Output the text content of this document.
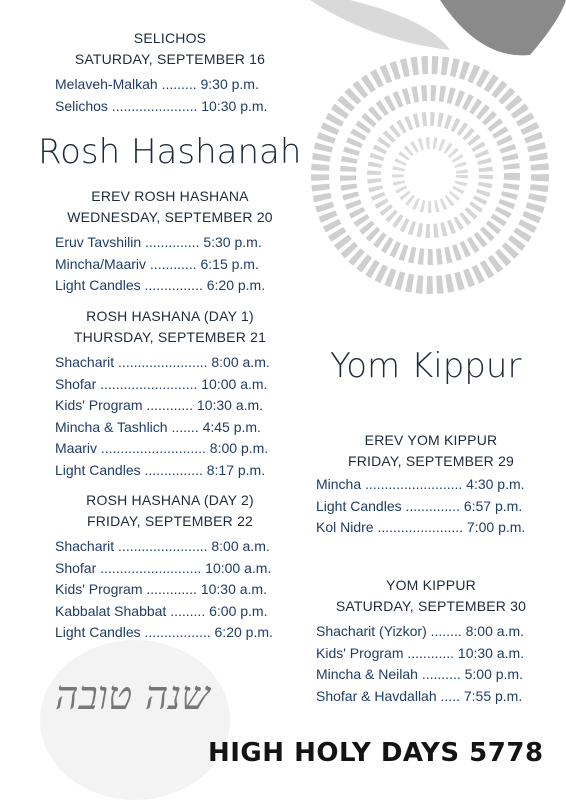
SELICHOS
SATURDAY, SEPTEMBER 16
Melaveh-Malkah ......... 9:30 p.m.
Selichos ...................... 10:30 p.m.
Rosh Hashanah
EREV ROSH HASHANA
WEDNESDAY, SEPTEMBER 20
Eruv Tavshilin .............. 5:30 p.m.
Mincha/Maariv ............ 6:15 p.m.
Light Candles ............... 6:20 p.m.
ROSH HASHANA (DAY 1)
THURSDAY, SEPTEMBER 21
Shacharit ....................... 8:00 a.m.
Shofar ......................... 10:00 a.m.
Kids' Program ............ 10:30 a.m.
Mincha & Tashlich ....... 4:45 p.m.
Maariv ........................... 8:00 p.m.
Light Candles ............... 8:17 p.m.
ROSH HASHANA (DAY 2)
FRIDAY, SEPTEMBER 22
Shacharit ....................... 8:00 a.m.
Shofar .......................... 10:00 a.m.
Kids' Program ............. 10:30 a.m.
Kabbalat Shabbat ......... 6:00 p.m.
Light Candles ................. 6:20 p.m.
Yom Kippur
EREV YOM KIPPUR
FRIDAY, SEPTEMBER 29
Mincha ......................... 4:30 p.m.
Light Candles .............. 6:57 p.m.
Kol Nidre ...................... 7:00 p.m.
YOM KIPPUR
SATURDAY, SEPTEMBER 30
Shacharit (Yizkor) ........ 8:00 a.m.
Kids' Program ............ 10:30 a.m.
Mincha & Neilah .......... 5:00 p.m.
Shofar & Havdallah ..... 7:55 p.m.
שנה טובה
HIGH HOLY DAYS 5778
